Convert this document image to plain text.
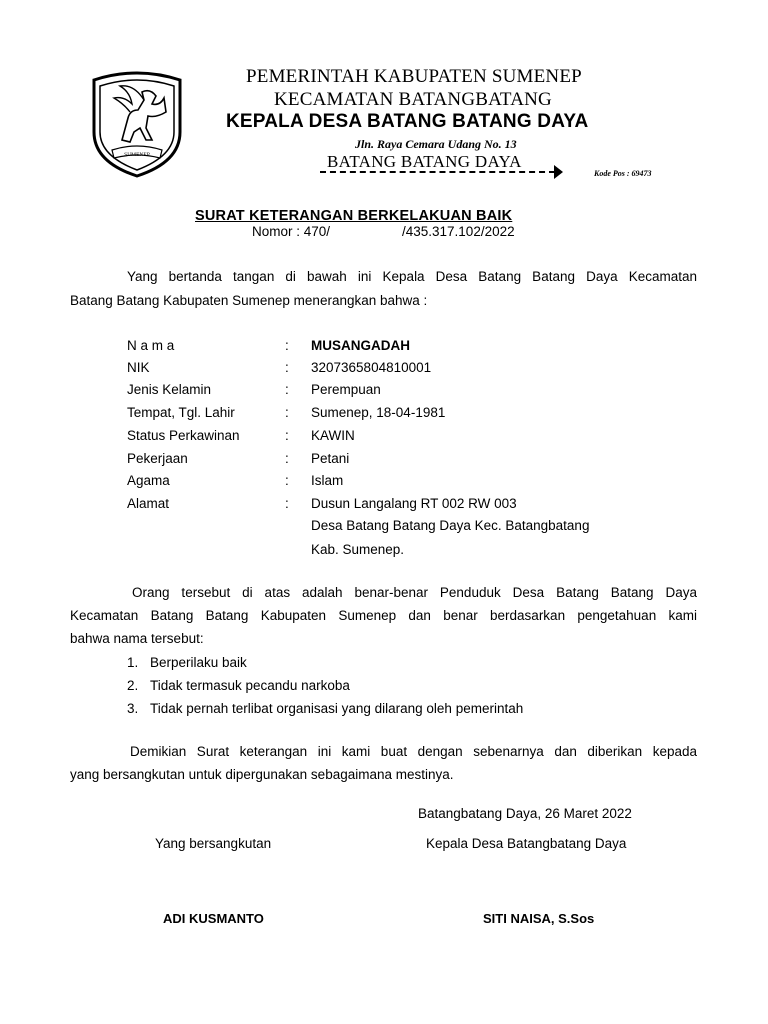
SUMENEP
PEMERINTAH KABUPATEN SUMENEP
KECAMATAN BATANGBATANG
KEPALA DESA BATANG BATANG DAYA
Jln. Raya Cemara Udang No. 13
BATANG BATANG DAYA
Kode Pos : 69473
SURAT KETERANGAN BERKELAKUAN BAIK
Nomor : 470/	/435.317.102/2022
Yang bertanda tangan di bawah ini Kepala Desa Batang Batang Daya Kecamatan
Batang Batang Kabupaten Sumenep menerangkan bahwa :
N a m a	: MUSANGADAH
NIK	: 3207365804810001
Jenis Kelamin	: Perempuan
Tempat, Tgl. Lahir	: Sumenep, 18-04-1981
Status Perkawinan	: KAWIN
Pekerjaan	: Petani
Agama	: Islam
Alamat	: Dusun Langalang RT 002 RW 003
Desa Batang Batang Daya Kec. Batangbatang
Kab. Sumenep.
Orang tersebut di atas adalah benar-benar Penduduk Desa Batang Batang Daya
Kecamatan Batang Batang Kabupaten Sumenep dan benar berdasarkan pengetahuan kami
bahwa nama tersebut:
1. Berperilaku baik
2. Tidak termasuk pecandu narkoba
3. Tidak pernah terlibat organisasi yang dilarang oleh pemerintah
Demikian Surat keterangan ini kami buat dengan sebenarnya dan diberikan kepada
yang bersangkutan untuk dipergunakan sebagaimana mestinya.
Batangbatang Daya, 26 Maret 2022
Yang bersangkutan	Kepala Desa Batangbatang Daya
ADI KUSMANTO	SITI NAISA, S.Sos
